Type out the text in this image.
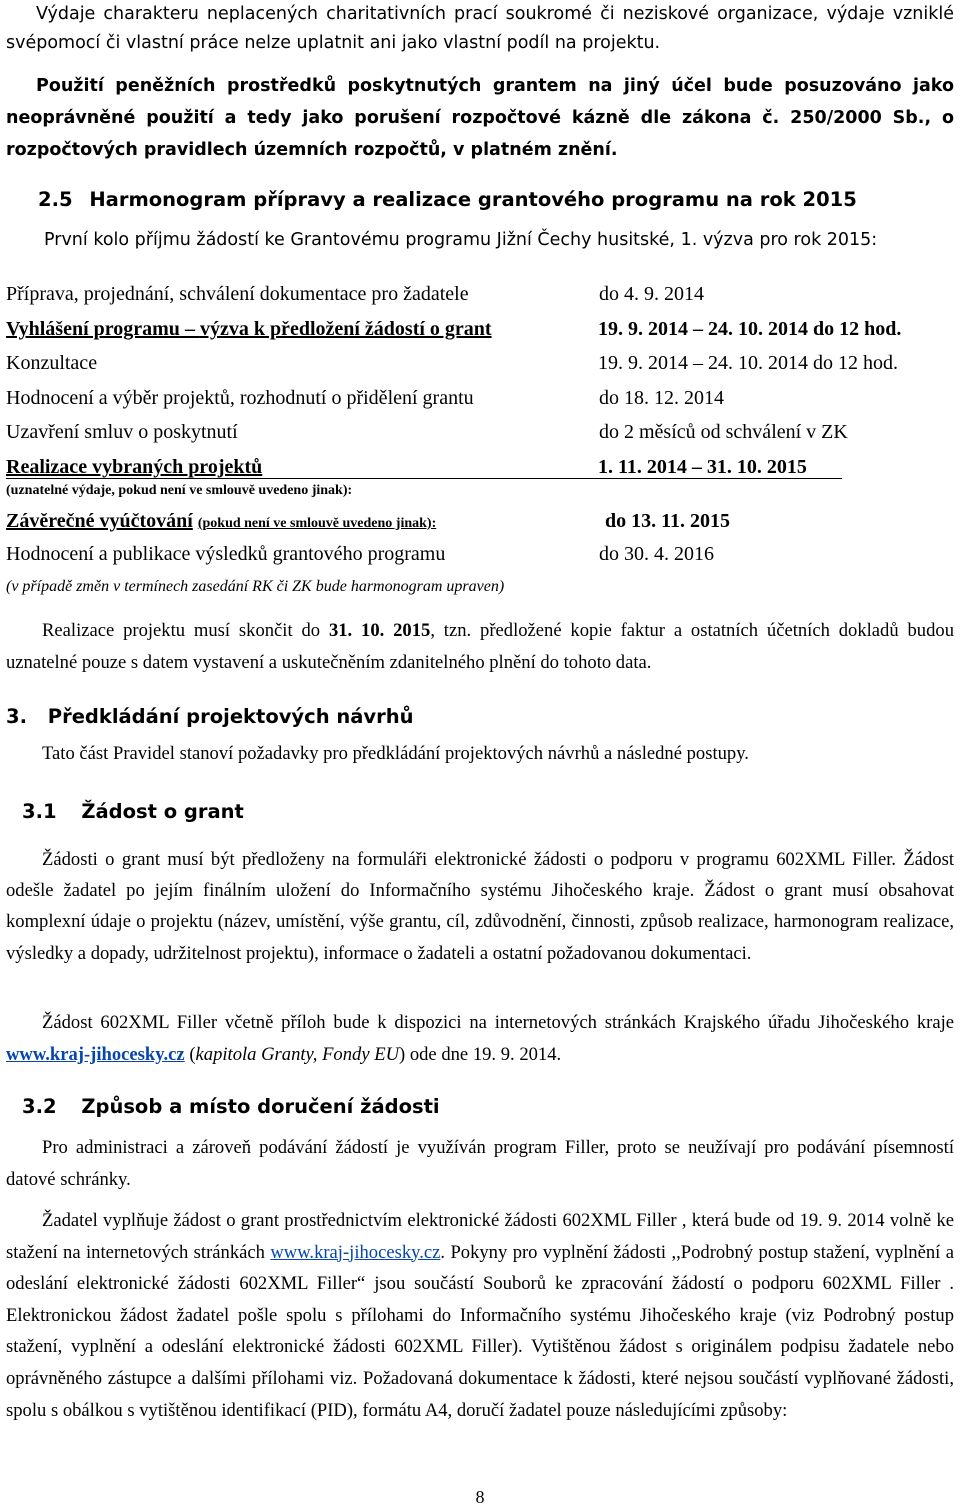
Výdaje charakteru neplacených charitativních prací soukromé či neziskové organizace, výdaje vzniklé svépomocí či vlastní práce nelze uplatnit ani jako vlastní podíl na projektu.

Použití peněžních prostředků poskytnutých grantem na jiný účel bude posuzováno jako neoprávněné použití a tedy jako porušení rozpočtové kázně dle zákona č. 250/2000 Sb., o rozpočtových pravidlech územních rozpočtů, v platném znění.

2.5 Harmonogram přípravy a realizace grantového programu na rok 2015

První kolo příjmu žádostí ke Grantovému programu Jižní Čechy husitské, 1. výzva pro rok 2015:

Příprava, projednání, schválení dokumentace pro žadatele	do 4. 9. 2014
Vyhlášení programu – výzva k předložení žádostí o grant	19. 9. 2014 – 24. 10. 2014 do 12 hod.
Konzultace	19. 9. 2014 – 24. 10. 2014 do 12 hod.
Hodnocení a výběr projektů, rozhodnutí o přidělení grantu	do 18. 12. 2014
Uzavření smluv o poskytnutí	do 2 měsíců od schválení v ZK
Realizace vybraných projektů	1. 11. 2014 – 31. 10. 2015
(uznatelné výdaje, pokud není ve smlouvě uvedeno jinak):
Závěrečné vyúčtování (pokud není ve smlouvě uvedeno jinak):	do 13. 11. 2015
Hodnocení a publikace výsledků grantového programu	do 30. 4. 2016

(v případě změn v termínech zasedání RK či ZK bude harmonogram upraven)

Realizace projektu musí skončit do 31. 10. 2015, tzn. předložené kopie faktur a ostatních účetních dokladů budou uznatelné pouze s datem vystavení a uskutečněním zdanitelného plnění do tohoto data.

3. Předkládání projektových návrhů

Tato část Pravidel stanoví požadavky pro předkládání projektových návrhů a následné postupy.

3.1 Žádost o grant

Žádosti o grant musí být předloženy na formuláři elektronické žádosti o podporu v programu 602XML Filler. Žádost odešle žadatel po jejím finálním uložení do Informačního systému Jihočeského kraje. Žádost o grant musí obsahovat komplexní údaje o projektu (název, umístění, výše grantu, cíl, zdůvodnění, činnosti, způsob realizace, harmonogram realizace, výsledky a dopady, udržitelnost projektu), informace o žadateli a ostatní požadovanou dokumentaci.

Žádost 602XML Filler včetně příloh bude k dispozici na internetových stránkách Krajského úřadu Jihočeského kraje www.kraj-jihocesky.cz (kapitola Granty, Fondy EU) ode dne 19. 9. 2014.

3.2 Způsob a místo doručení žádosti

Pro administraci a zároveň podávání žádostí je využíván program Filler, proto se neužívají pro podávání písemností datové schránky.

Žadatel vyplňuje žádost o grant prostřednictvím elektronické žádosti 602XML Filler , která bude od 19. 9. 2014 volně ke stažení na internetových stránkách www.kraj-jihocesky.cz. Pokyny pro vyplnění žádosti ,,Podrobný postup stažení, vyplnění a odeslání elektronické žádosti 602XML Filler“ jsou součástí Souborů ke zpracování žádostí o podporu 602XML Filler . Elektronickou žádost žadatel pošle spolu s přílohami do Informačního systému Jihočeského kraje (viz Podrobný postup stažení, vyplnění a odeslání elektronické žádosti 602XML Filler). Vytištěnou žádost s originálem podpisu žadatele nebo oprávněného zástupce a dalšími přílohami viz. Požadovaná dokumentace k žádosti, které nejsou součástí vyplňované žádosti, spolu s obálkou s vytištěnou identifikací (PID), formátu A4, doručí žadatel pouze následujícími způsoby:

8
